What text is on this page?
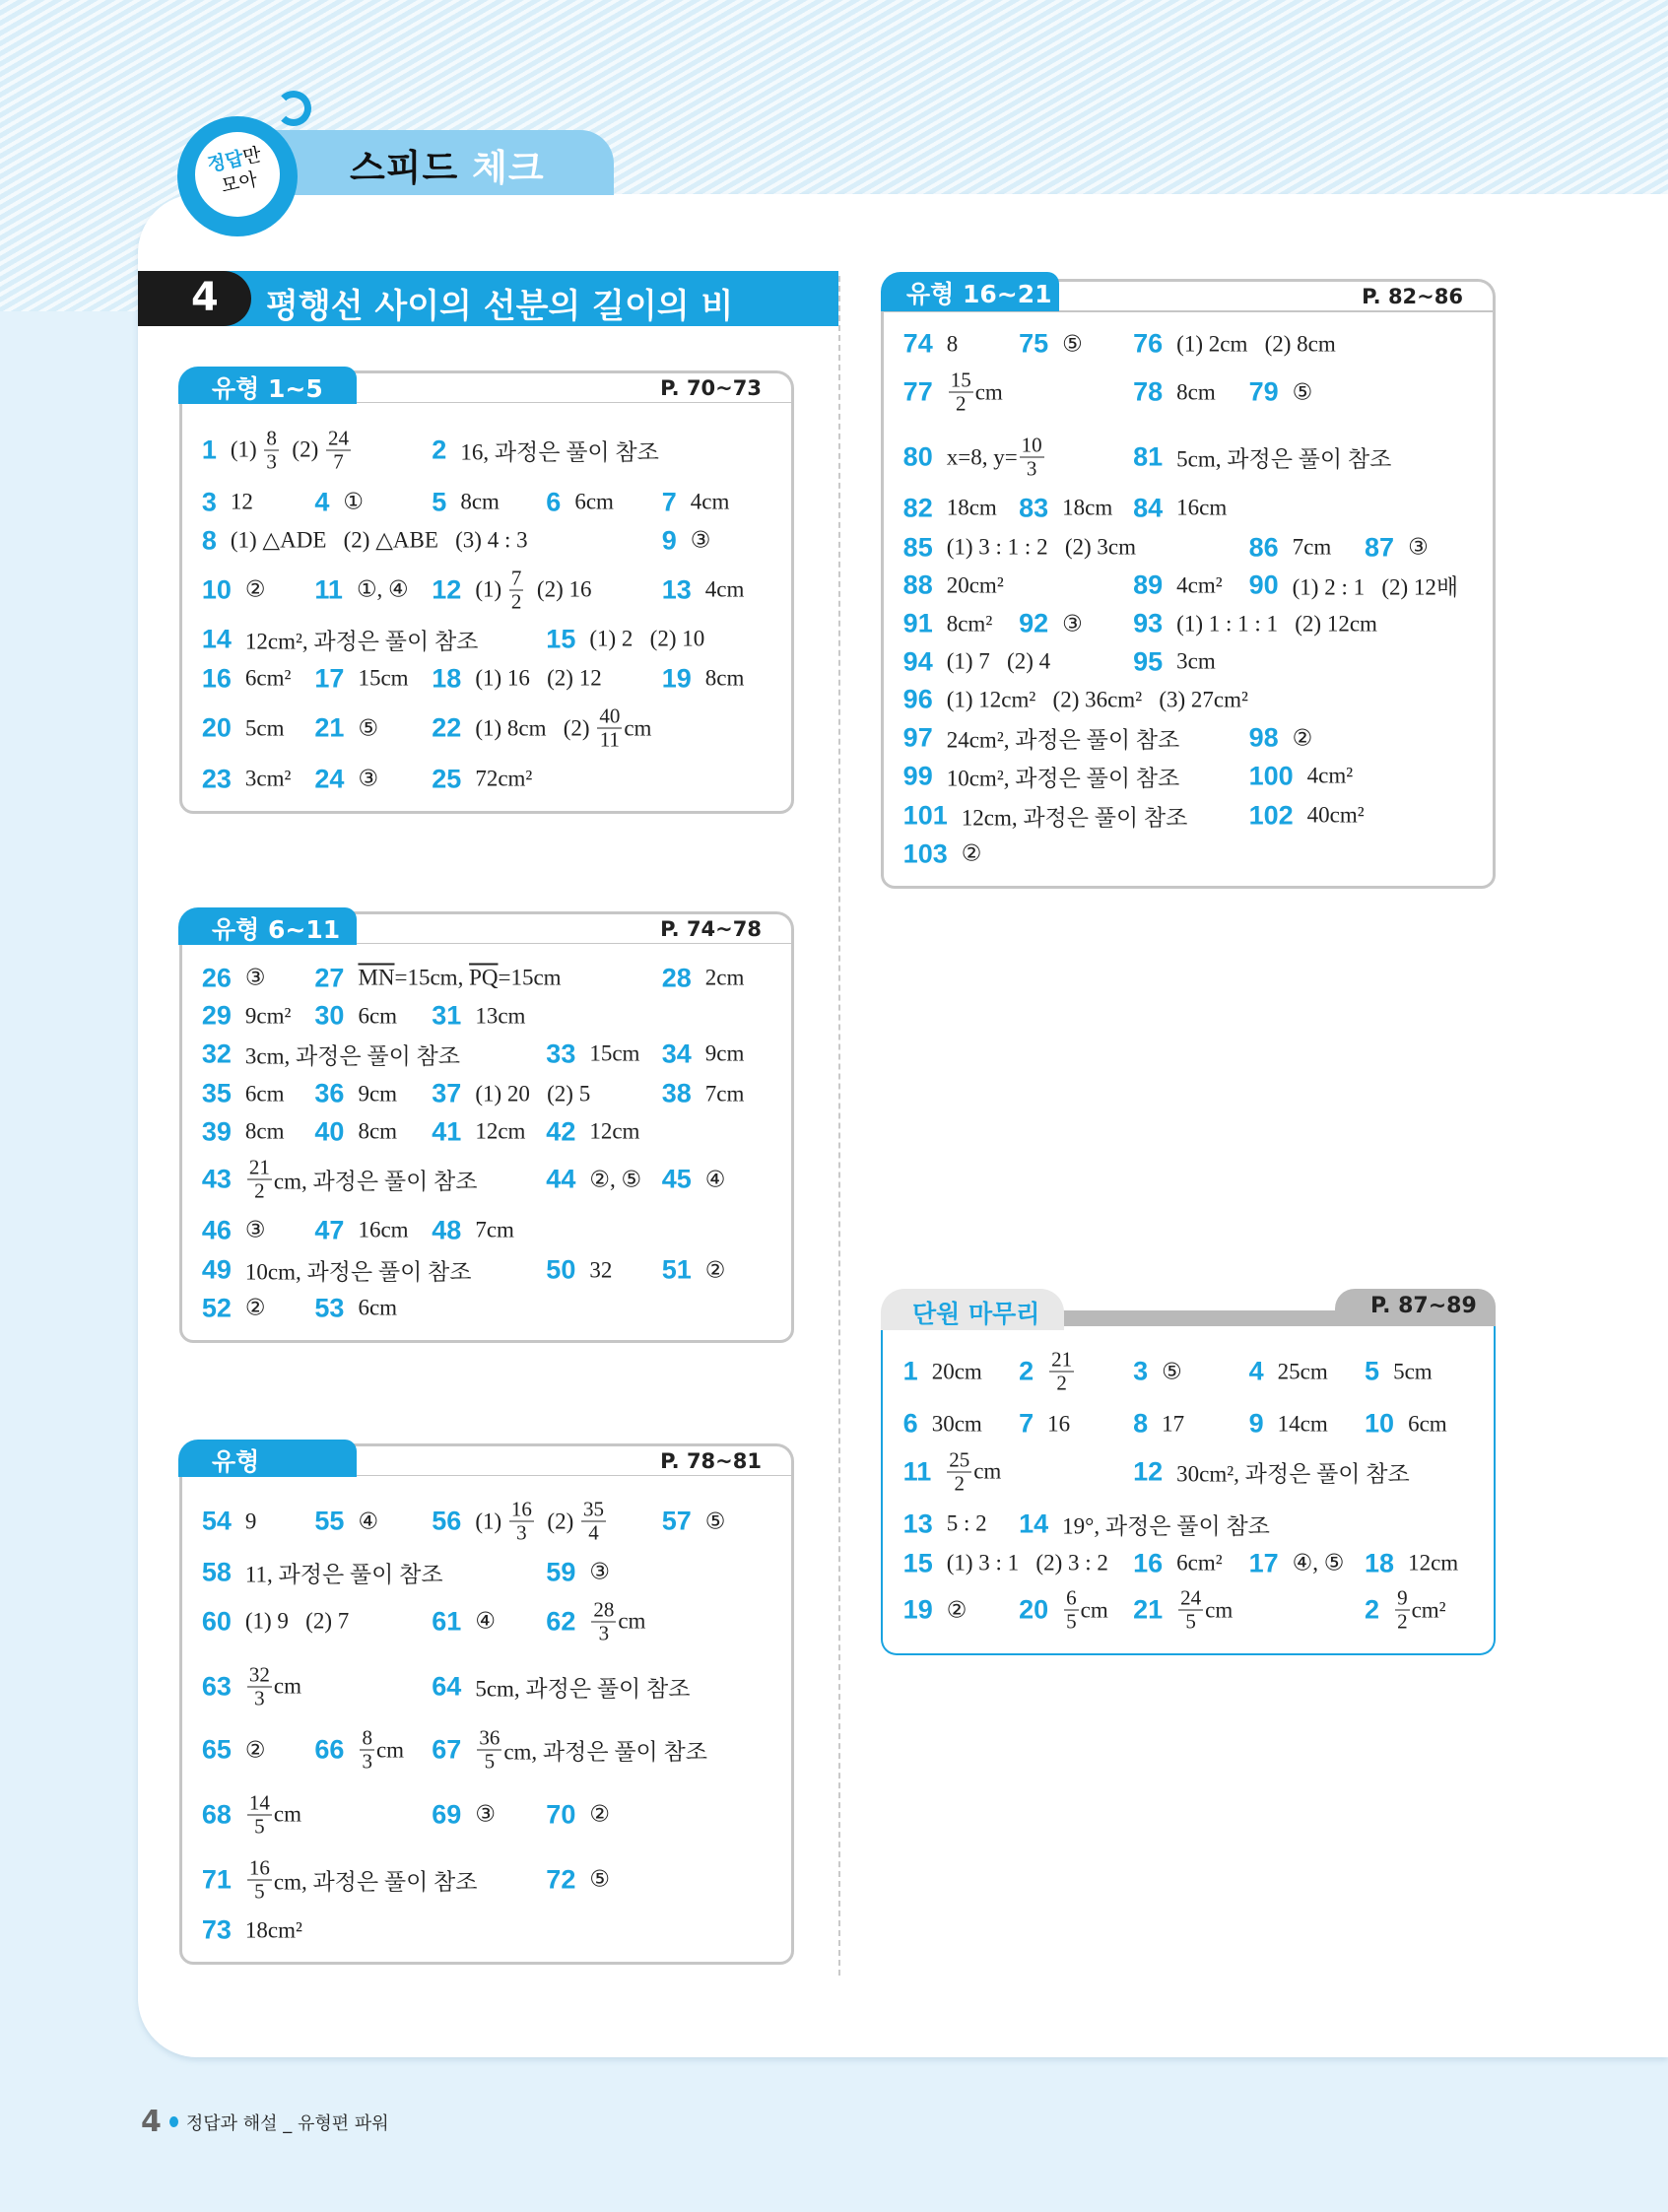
스피드 체크
정답만
모아
4 평행선 사이의 선분의 길이의 비
P. 70~73
유형 1~5
P. 74~78
유형 6~11
P. 78~81
유형 12~15
P. 82~86
유형 16~21
단원 마무리	P. 87~89
1 $(1) \frac{8}{3} (2) \frac{24}{7}$	2 16, 과정은 풀이 참조
3 12 4 ①	5 8cm 6 6cm 7 4cm
8 (1) △ADE   (2) △ABE   (3) 4 : 3	9 ③
10 ② 11 ①, ④ 12 $(1) \frac{7}{2} (2)$ 16	13 4cm
14 12cm², 과정은 풀이 참조	15 (1) 2   (2) 10
16 6cm² 17 15cm 18 (1) 16   (2) 12 19 8cm
20 5cm 21 ⑤ 22 (1) 8cm   $(2) \frac{40}{11}$ cm
23 3cm² 24 ③ 25 72cm²
26 ③ 27 $\overline{MN} =15cm$, $\overline{PQ} =15cm$	28 2cm
29 9cm² 30 6cm 31 13cm
32 3cm, 과정은 풀이 참조	33 15cm 34 9cm
35 6cm 36 9cm 37 (1) 20   (2) 5	38 7cm
39 8cm 40 8cm 41 12cm 42 12cm
$43 \frac{21}{2}$ cm, 과정은 풀이 참조	44 ②, ⑤ 45 ④
46 ③ 47 16cm 48 7cm
49 10cm, 과정은 풀이 참조	50 32 51 ②
52 ② 53 6cm
54 9 55 ④ 56 $(1) \frac{16}{3} (2) \frac{35}{4} 57$ ⑤
58 11, 과정은 풀이 참조	59 ③
60 (1) 9   (2) 7	61 ④ $62 \frac{28}{3}$ cm
$63 \frac{32}{3}$ cm	64 5cm, 과정은 풀이 참조
65 ② $66 \frac{8}{3}$ cm $67 \frac{36}{5}$ cm, 과정은 풀이 참조
$68 \frac{14}{5}$ cm	69 ③ 70 ②
$71 \frac{16}{5}$ cm, 과정은 풀이 참조	72 ⑤
73 18cm²
74 8 75 ⑤ 76 (1) 2cm   (2) 8cm
$77 \frac{15}{2}$ cm	78 8cm 79 ⑤
80 x=8, $y= \frac{10}{3}$	81 5cm, 과정은 풀이 참조
82 18cm 83 18cm 84 16cm
85 (1) 3 : 1 : 2   (2) 3cm	86 7cm 87 ③
88 20cm²	89 4cm² 90 (1) 2 : 1   (2) 12배
91 8cm² 92 ③ 93 (1) 1 : 1 : 1   (2) 12cm
94 (1) 7   (2) 4	95 3cm
96 (1) 12cm²   (2) 36cm²   (3) 27cm²
97 24cm², 과정은 풀이 참조	98 ②
99 10cm², 과정은 풀이 참조	100 4cm²
101 12cm, 과정은 풀이 참조 102 40cm²
103 ②
1 20cm $2 \frac{21}{2} 3$ ⑤	4 25cm 5 5cm
6 30cm 7 16 8 17 9 14cm 10 6cm
$11 \frac{25}{2}$ cm	12 30cm², 과정은 풀이 참조
13 5 : 2 14 19°, 과정은 풀이 참조
15 (1) 3 : 1   (2) 3 : 2 16 6cm² 17 ④, ⑤ 18 12cm
19 ② $20 \frac{6}{5}$ cm $21 \frac{24}{5}$ cm	$2 \frac{9}{2} cm^2$
4 정답과 해설 _ 유형편 파워
